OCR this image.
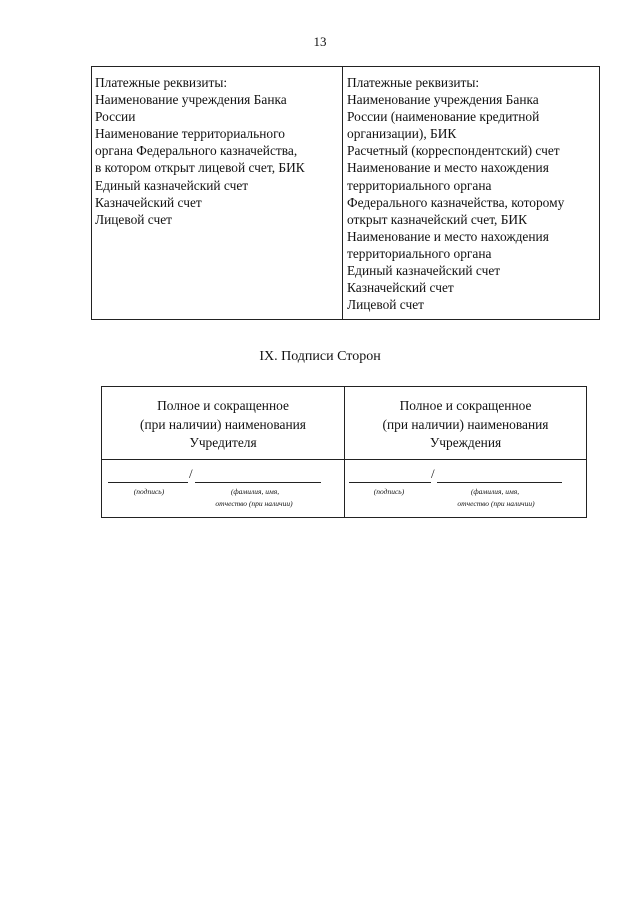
13
Платежные реквизиты:
Наименование учреждения Банка
России
Наименование территориального
органа Федерального казначейства,
в котором открыт лицевой счет, БИК
Единый казначейский счет
Казначейский счет
Лицевой счет
Платежные реквизиты:
Наименование учреждения Банка
России (наименование кредитной
организации), БИК
Расчетный (корреспондентский) счет
Наименование и место нахождения
территориального органа
Федерального казначейства, которому
открыт казначейский счет, БИК
Наименование и место нахождения
территориального органа
Единый казначейский счет
Казначейский счет
Лицевой счет
IX. Подписи Сторон
Полное и сокращенное
(при наличии) наименования
Учредителя
Полное и сокращенное
(при наличии) наименования
Учреждения
/
(подпись)	(фамилия, имя,
отчество (при наличии)
/
(подпись)	(фамилия, имя,
отчество (при наличии)
